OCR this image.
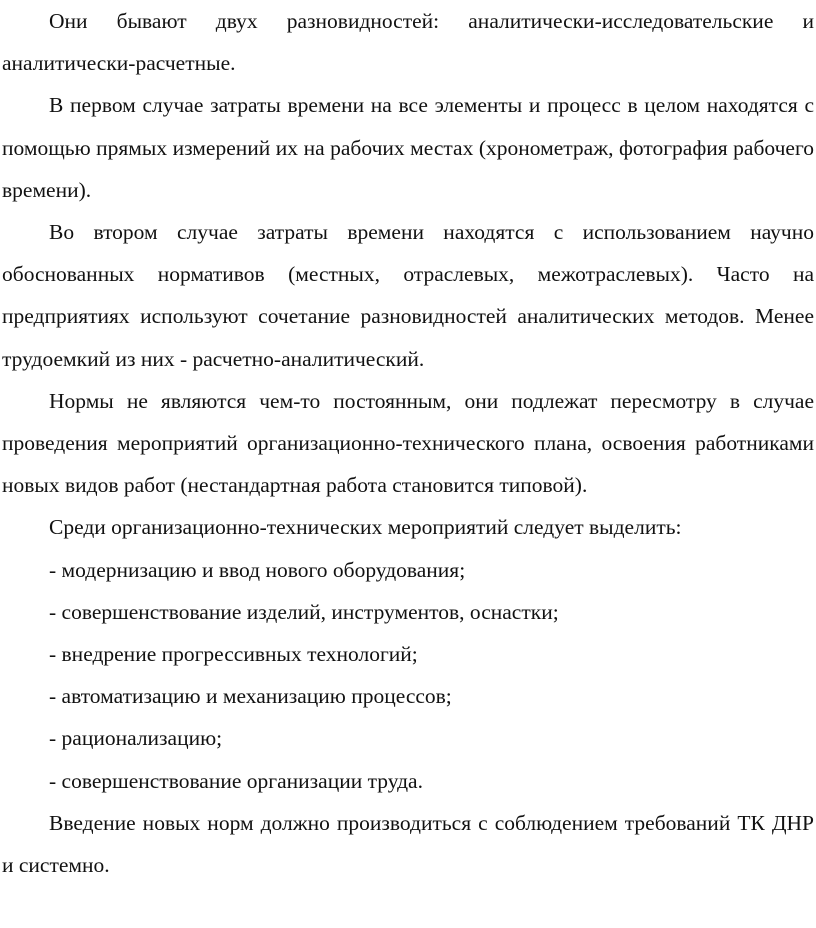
Они бывают двух разновидностей: аналитически-исследовательские и аналитически-расчетные.

В первом случае затраты времени на все элементы и процесс в целом находятся с помощью прямых измерений их на рабочих местах (хронометраж, фотография рабочего времени).

Во втором случае затраты времени находятся с использованием научно обоснованных нормативов (местных, отраслевых, межотраслевых). Часто на предприятиях используют сочетание разновидностей аналитических методов. Менее трудоемкий из них - расчетно-аналитический.

Нормы не являются чем-то постоянным, они подлежат пересмотру в случае проведения мероприятий организационно-технического плана, освоения работниками новых видов работ (нестандартная работа становится типовой).

Среди организационно-технических мероприятий следует выделить:

- модернизацию и ввод нового оборудования;

- совершенствование изделий, инструментов, оснастки;

- внедрение прогрессивных технологий;

- автоматизацию и механизацию процессов;

- рационализацию;

- совершенствование организации труда.

Введение новых норм должно производиться с соблюдением требований ТК ДНР и системно.
